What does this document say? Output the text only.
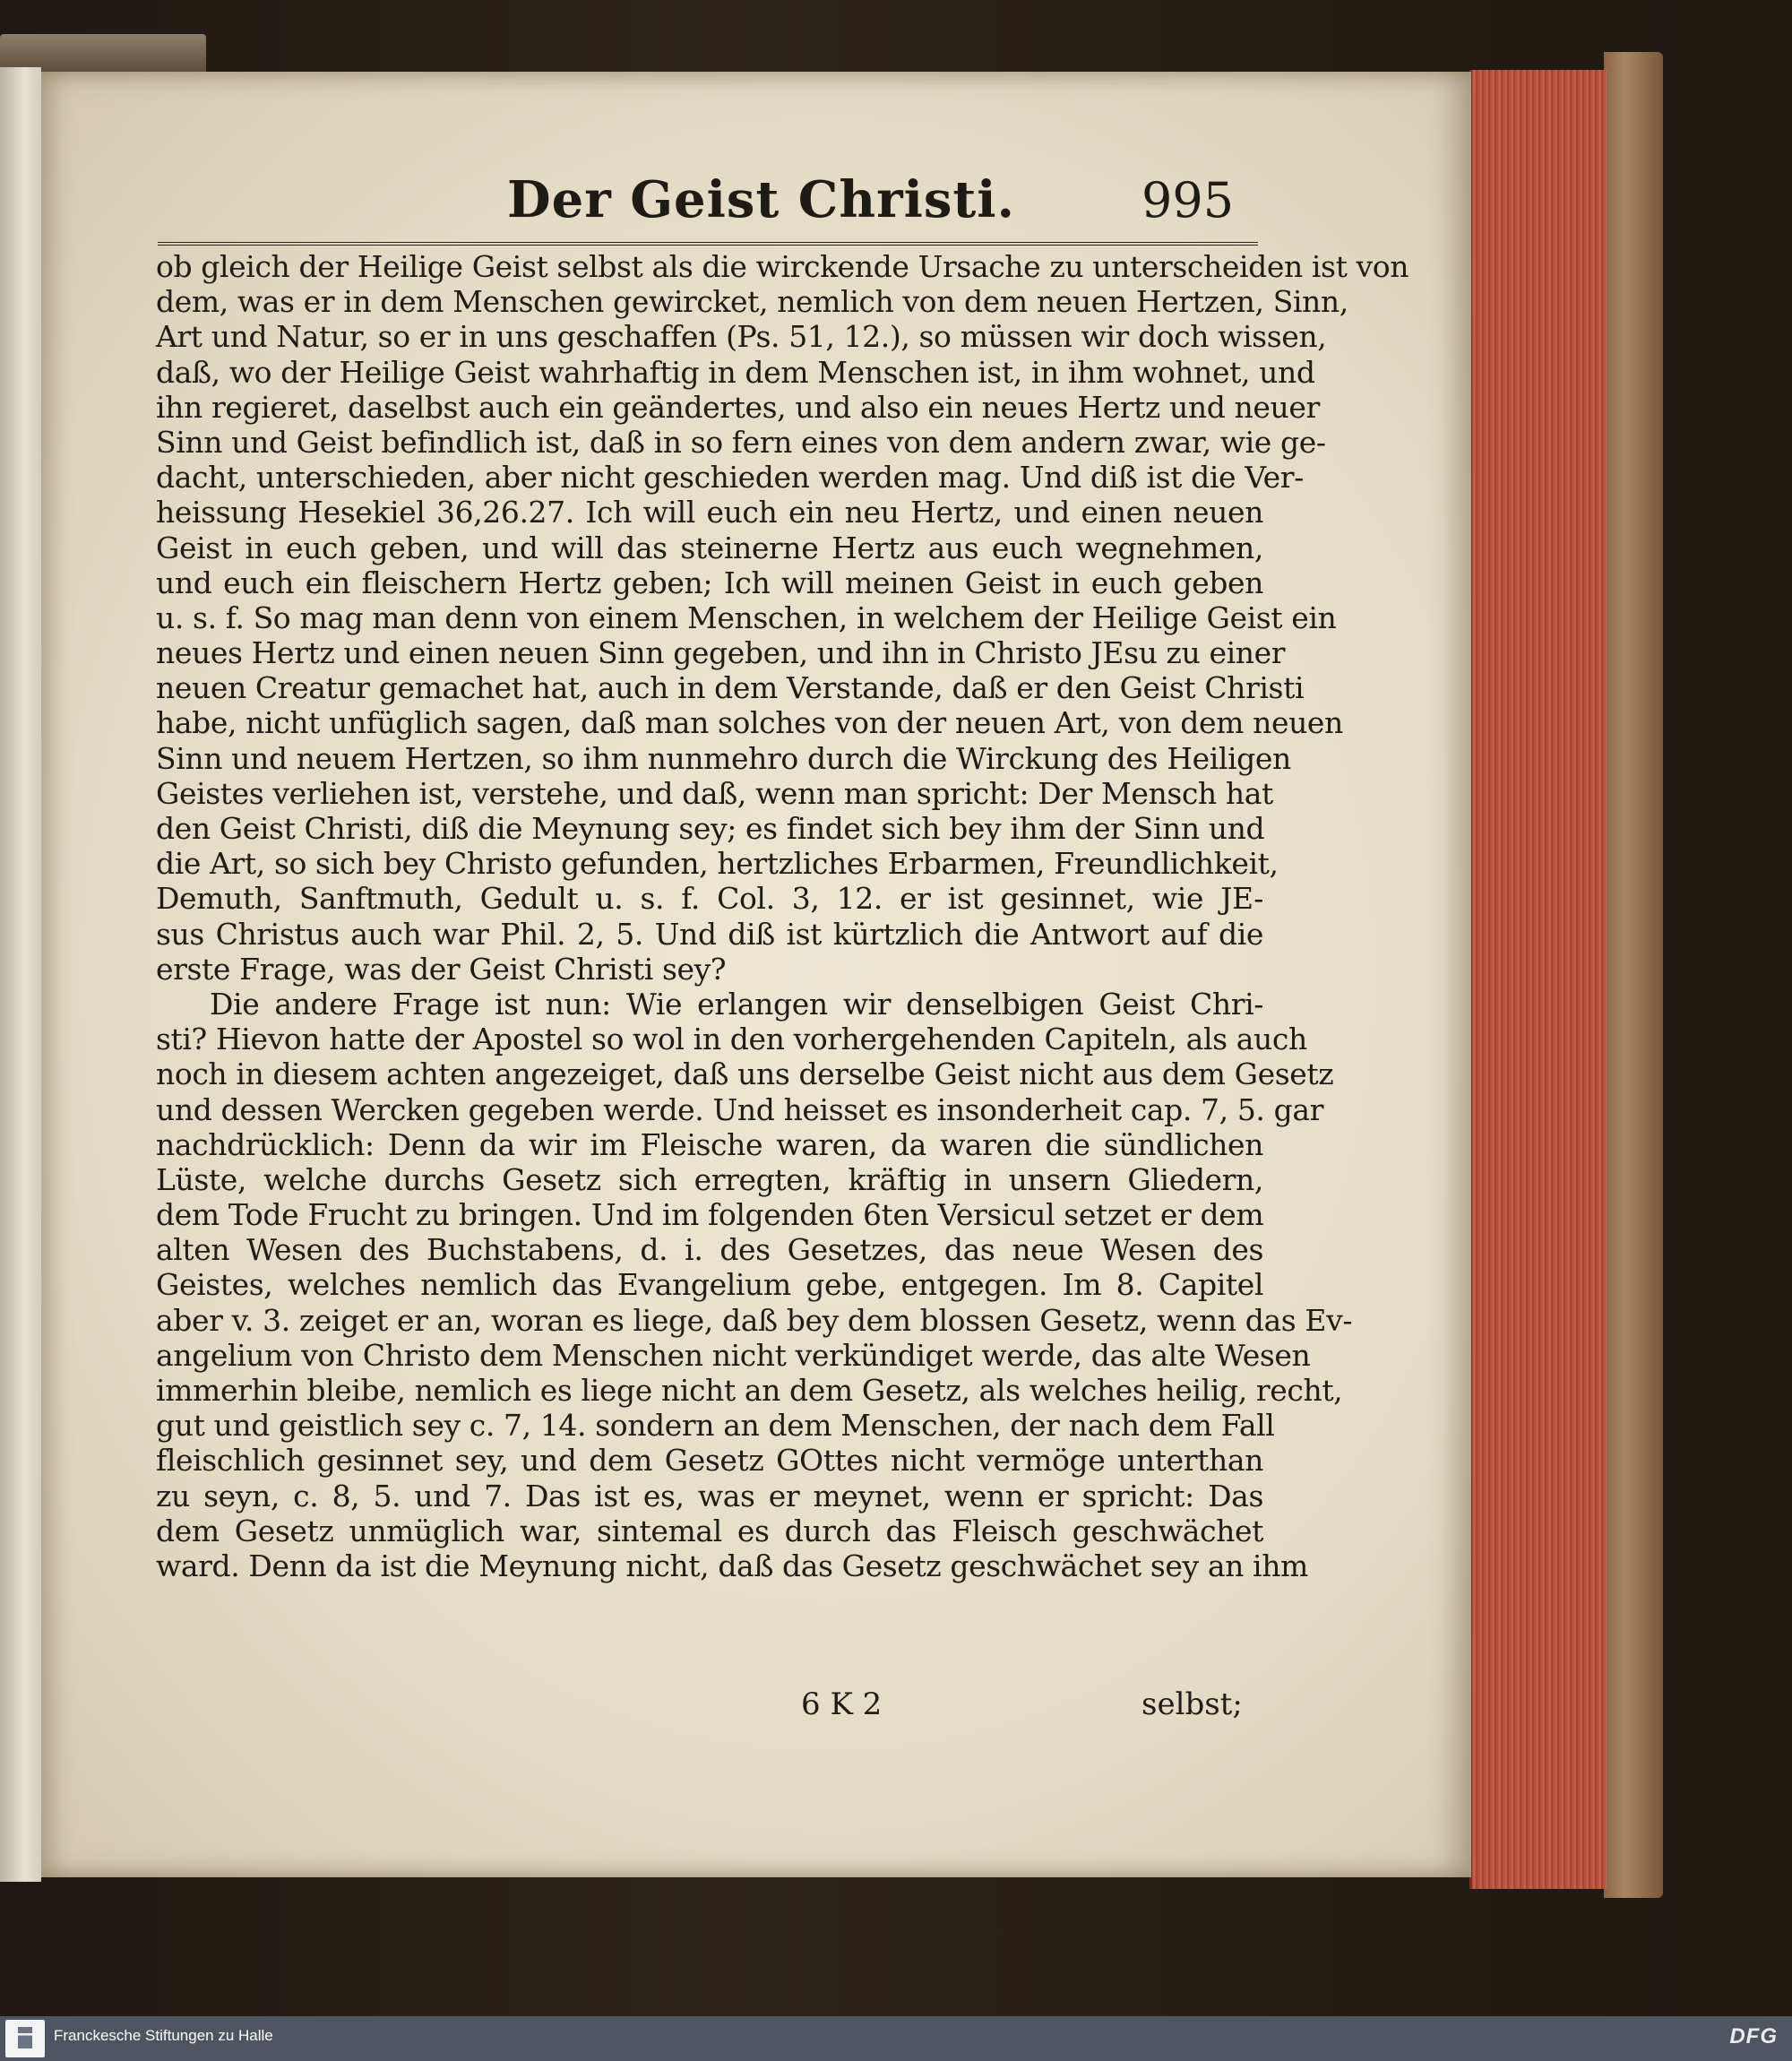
Der Geist Christi.	995
ob gleich der Heilige Geist selbst als die wirckende Ursache zu unterscheiden ist von
dem, was er in dem Menschen gewircket, nemlich von dem neuen Hertzen, Sinn,
Art und Natur, so er in uns geschaffen (Ps. 51, 12.), so müssen wir doch wissen,
daß, wo der Heilige Geist wahrhaftig in dem Menschen ist, in ihm wohnet, und
ihn regieret, daselbst auch ein geändertes, und also ein neues Hertz und neuer
Sinn und Geist befindlich ist, daß in so fern eines von dem andern zwar, wie ge-
dacht, unterschieden, aber nicht geschieden werden mag. Und diß ist die Ver-
heissung Hesekiel 36,26.27. Ich will euch ein neu Hertz, und einen neuen
Geist in euch geben, und will das steinerne Hertz aus euch wegnehmen,
und euch ein fleischern Hertz geben; Ich will meinen Geist in euch geben
u. s. f. So mag man denn von einem Menschen, in welchem der Heilige Geist ein
neues Hertz und einen neuen Sinn gegeben, und ihn in Christo JEsu zu einer
neuen Creatur gemachet hat, auch in dem Verstande, daß er den Geist Christi
habe, nicht unfüglich sagen, daß man solches von der neuen Art, von dem neuen
Sinn und neuem Hertzen, so ihm nunmehro durch die Wirckung des Heiligen
Geistes verliehen ist, verstehe, und daß, wenn man spricht: Der Mensch hat
den Geist Christi, diß die Meynung sey; es findet sich bey ihm der Sinn und
die Art, so sich bey Christo gefunden, hertzliches Erbarmen, Freundlichkeit,
Demuth, Sanftmuth, Gedult u. s. f. Col. 3, 12. er ist gesinnet, wie JE-
sus Christus auch war Phil. 2, 5. Und diß ist kürtzlich die Antwort auf die
erste Frage, was der Geist Christi sey?
Die andere Frage ist nun: Wie erlangen wir denselbigen Geist Chri-
sti? Hievon hatte der Apostel so wol in den vorhergehenden Capiteln, als auch
noch in diesem achten angezeiget, daß uns derselbe Geist nicht aus dem Gesetz
und dessen Wercken gegeben werde. Und heisset es insonderheit cap. 7, 5. gar
nachdrücklich: Denn da wir im Fleische waren, da waren die sündlichen
Lüste, welche durchs Gesetz sich erregten, kräftig in unsern Gliedern,
dem Tode Frucht zu bringen. Und im folgenden 6ten Versicul setzet er dem
alten Wesen des Buchstabens, d. i. des Gesetzes, das neue Wesen des
Geistes, welches nemlich das Evangelium gebe, entgegen. Im 8. Capitel
aber v. 3. zeiget er an, woran es liege, daß bey dem blossen Gesetz, wenn das Ev-
angelium von Christo dem Menschen nicht verkündiget werde, das alte Wesen
immerhin bleibe, nemlich es liege nicht an dem Gesetz, als welches heilig, recht,
gut und geistlich sey c. 7, 14. sondern an dem Menschen, der nach dem Fall
fleischlich gesinnet sey, und dem Gesetz GOttes nicht vermöge unterthan
zu seyn, c. 8, 5. und 7. Das ist es, was er meynet, wenn er spricht: Das
dem Gesetz unmüglich war, sintemal es durch das Fleisch geschwächet
ward. Denn da ist die Meynung nicht, daß das Gesetz geschwächet sey an ihm
6 K 2	selbst;
Franckesche Stiftungen zu Halle	DFG
